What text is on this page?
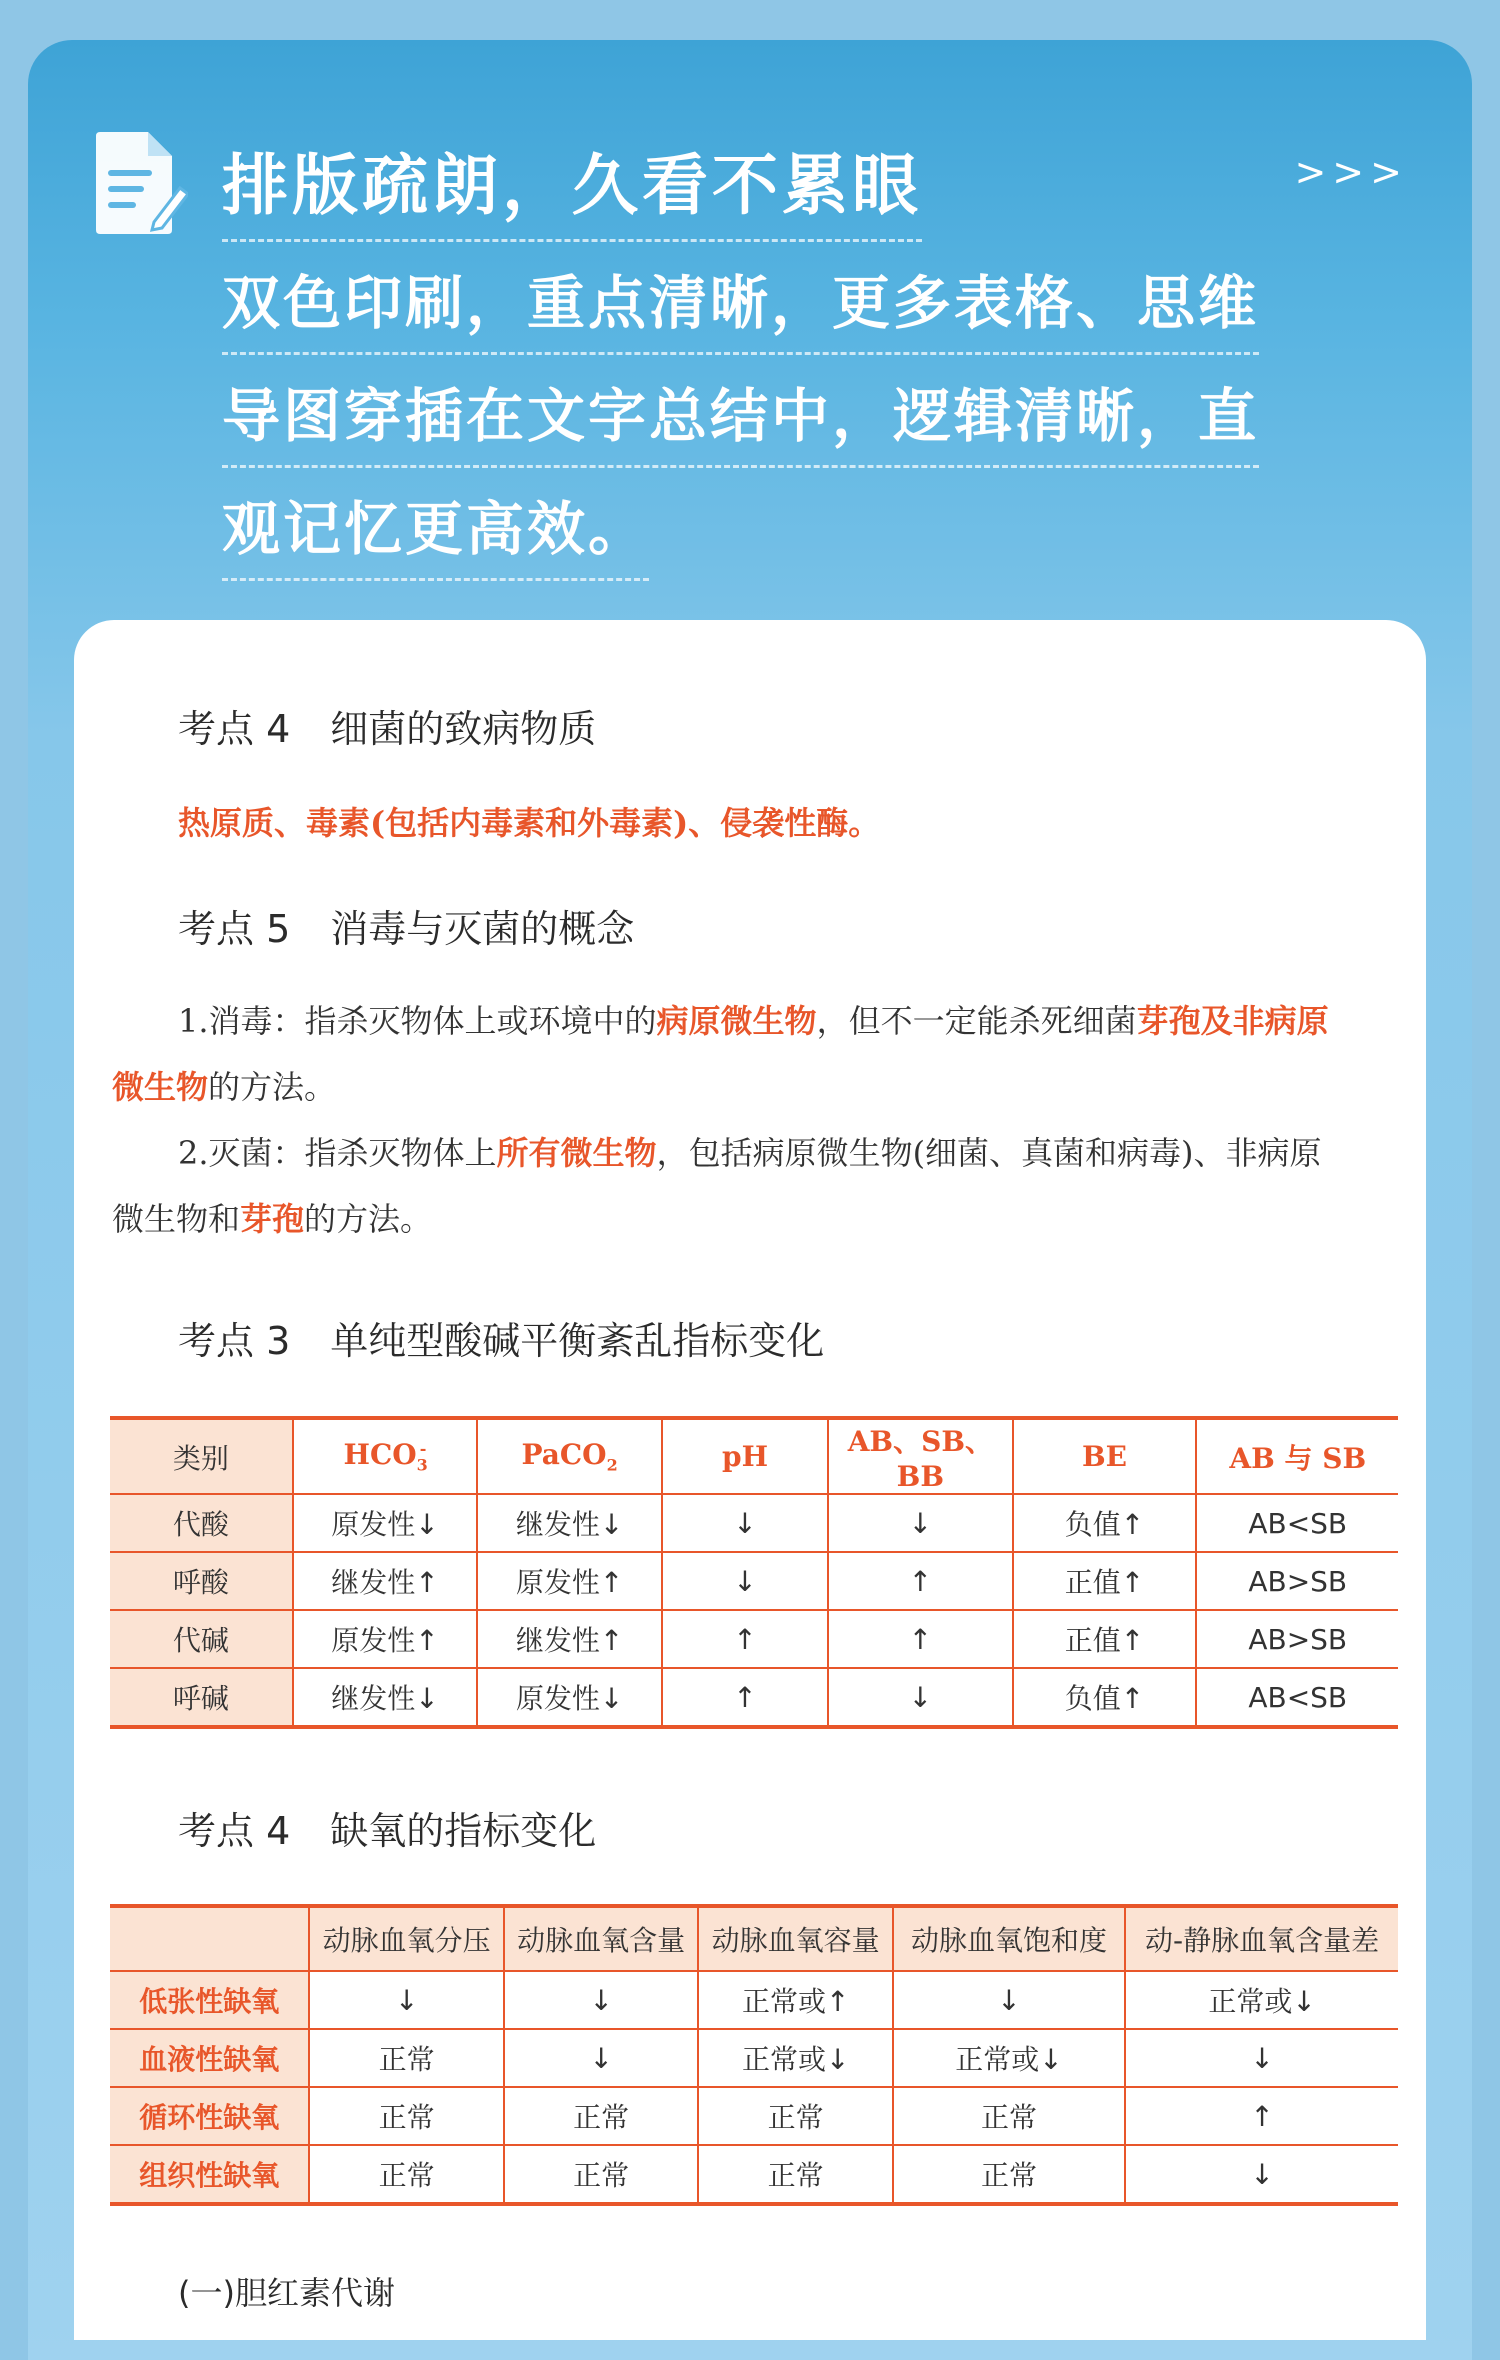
>>>
排版疏朗，久看不累眼
双色印刷，重点清晰，更多表格、思维
导图穿插在文字总结中，逻辑清晰，直
观记忆更高效。
考点 4 细菌的致病物质
热原质、毒素(包括内毒素和外毒素)、侵袭性酶。
考点 5 消毒与灭菌的概念

1.消毒：指杀灭物体上或环境中的病原微生物，但不一定能杀死细菌芽孢及非病原

微生物的方法。

2.灭菌：指杀灭物体上所有微生物，包括病原微生物(细菌、真菌和病毒)、非病原

微生物和芽孢的方法。

考点 3 单纯型酸碱平衡紊乱指标变化
类别	$HCO_3^-$	PaCO$_2$	pH	AB、SB、BB	BE	AB 与 SB
代酸	原发性↓	继发性↓	↓	↓	负值↑	AB<SB
呼酸	继发性↑	原发性↑	↓	↑	正值↑	AB>SB
代碱	原发性↑	继发性↑	↑	↑	正值↑	AB>SB
呼碱	继发性↓	原发性↓	↑	↓	负值↑	AB<SB
考点 4 缺氧的指标变化
	动脉血氧分压	动脉血氧含量	动脉血氧容量	动脉血氧饱和度	动-静脉血氧含量差
低张性缺氧	↓	↓	正常或↑	↓	正常或↓
血液性缺氧	正常	↓	正常或↓	正常或↓	↓
循环性缺氧	正常	正常	正常	正常	↑
组织性缺氧	正常	正常	正常	正常	↓
(一)胆红素代谢
